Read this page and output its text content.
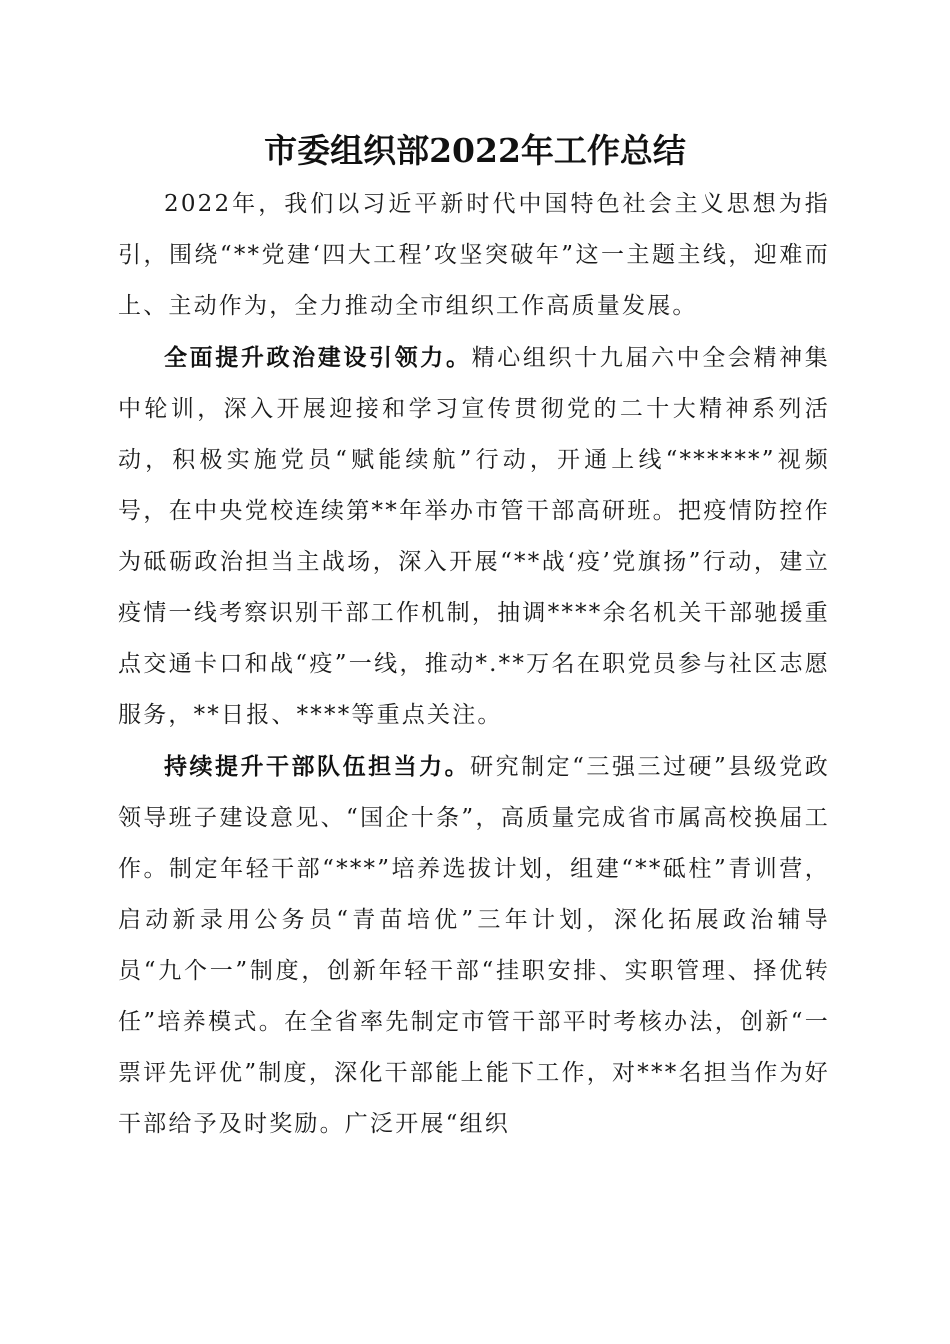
市委组织部2022年工作总结

2022年，我们以习近平新时代中国特色社会主义思想为指引，围绕“**党建‘四大工程’攻坚突破年”这一主题主线，迎难而上、主动作为，全力推动全市组织工作高质量发展。

全面提升政治建设引领力。精心组织十九届六中全会精神集中轮训，深入开展迎接和学习宣传贯彻党的二十大精神系列活动，积极实施党员“赋能续航”行动，开通上线“******”视频号，在中央党校连续第**年举办市管干部高研班。把疫情防控作为砥砺政治担当主战场，深入开展“**战‘疫’党旗扬”行动，建立疫情一线考察识别干部工作机制，抽调****余名机关干部驰援重点交通卡口和战“疫”一线，推动*.**万名在职党员参与社区志愿服务，**日报、****等重点关注。

持续提升干部队伍担当力。研究制定“三强三过硬”县级党政领导班子建设意见、“国企十条”，高质量完成省市属高校换届工作。制定年轻干部“***”培养选拔计划，组建“**砥柱”青训营，启动新录用公务员“青苗培优”三年计划，深化拓展政治辅导员“九个一”制度，创新年轻干部“挂职安排、实职管理、择优转任”培养模式。在全省率先制定市管干部平时考核办法，创新“一票评先评优”制度，深化干部能上能下工作，对***名担当作为好干部给予及时奖励。广泛开展“组织
